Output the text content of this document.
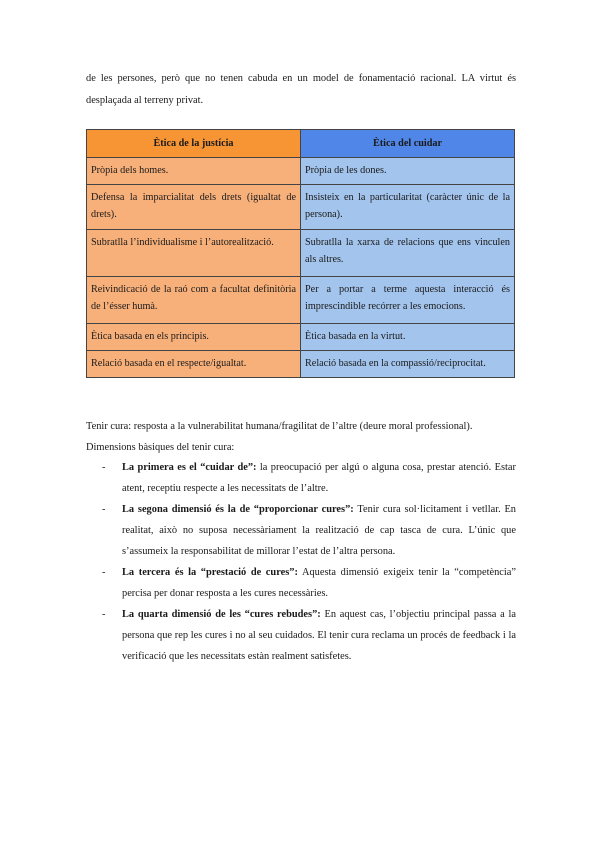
de les persones, però que no tenen cabuda en un model de fonamentació racional. LA virtut és desplaçada al terreny privat.

Ètica de la justícia	Ètica del cuidar
Pròpia dels homes.	Pròpia de les dones.
Defensa la imparcialitat dels drets (igualtat de drets).	Insisteix en la particularitat (caràcter únic de la persona).
Subratlla l’individualisme i l’autorealització.	Subratlla la xarxa de relacions que ens vinculen als altres.
Reivindicació de la raó com a facultat definitòria de l’ésser humà.	Per a portar a terme aquesta interacció és imprescindible recórrer a les emocions.
Ètica basada en els principis.	Ètica basada en la virtut.
Relació basada en el respecte/igualtat.	Relació basada en la compassió/reciprocitat.
Tenir cura: resposta a la vulnerabilitat humana/fragilitat de l’altre (deure moral professional).
Dimensions bàsiques del tenir cura:
- La primera es el “cuidar de”: la preocupació per algú o alguna cosa, prestar atenció. Estar atent, receptiu respecte a les necessitats de l’altre.
- La segona dimensió és la de “proporcionar cures”: Tenir cura sol·licitament i vetllar. En realitat, això no suposa necessàriament la realització de cap tasca de cura. L’únic que s’assumeix la responsabilitat de millorar l’estat de l’altra persona.
- La tercera és la “prestació de cures”: Aquesta dimensió exigeix tenir la “competència” percisa per donar resposta a les cures necessàries.
- La quarta dimensió de les “cures rebudes”: En aquest cas, l’objectiu principal passa a la persona que rep les cures i no al seu cuidados. El tenir cura reclama un procés de feedback i la verificació que les necessitats estàn realment satisfetes.
